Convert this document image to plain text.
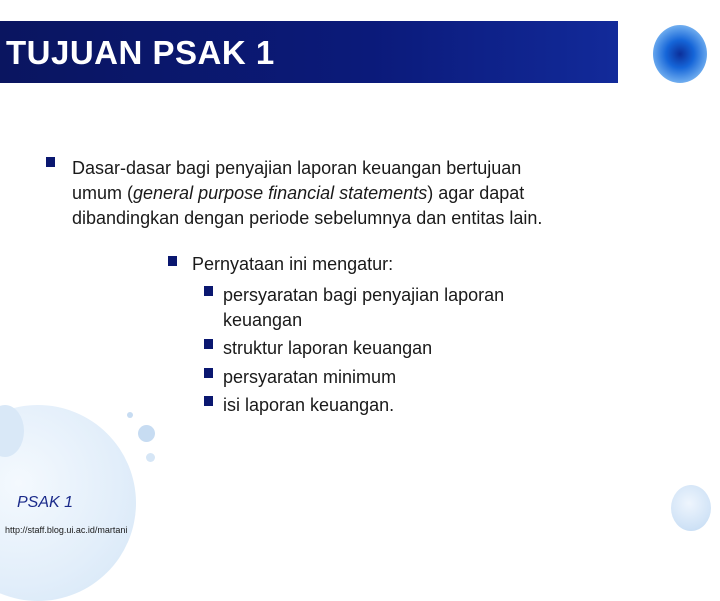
TUJUAN PSAK 1
Dasar-dasar bagi penyajian laporan keuangan bertujuan
umum (general purpose financial statements) agar dapat
dibandingkan dengan periode sebelumnya dan entitas lain.
Pernyataan ini mengatur:
persyaratan bagi penyajian laporan
keuangan
struktur laporan keuangan
persyaratan minimum
isi laporan keuangan.
PSAK 1
http://staff.blog.ui.ac.id/martani
